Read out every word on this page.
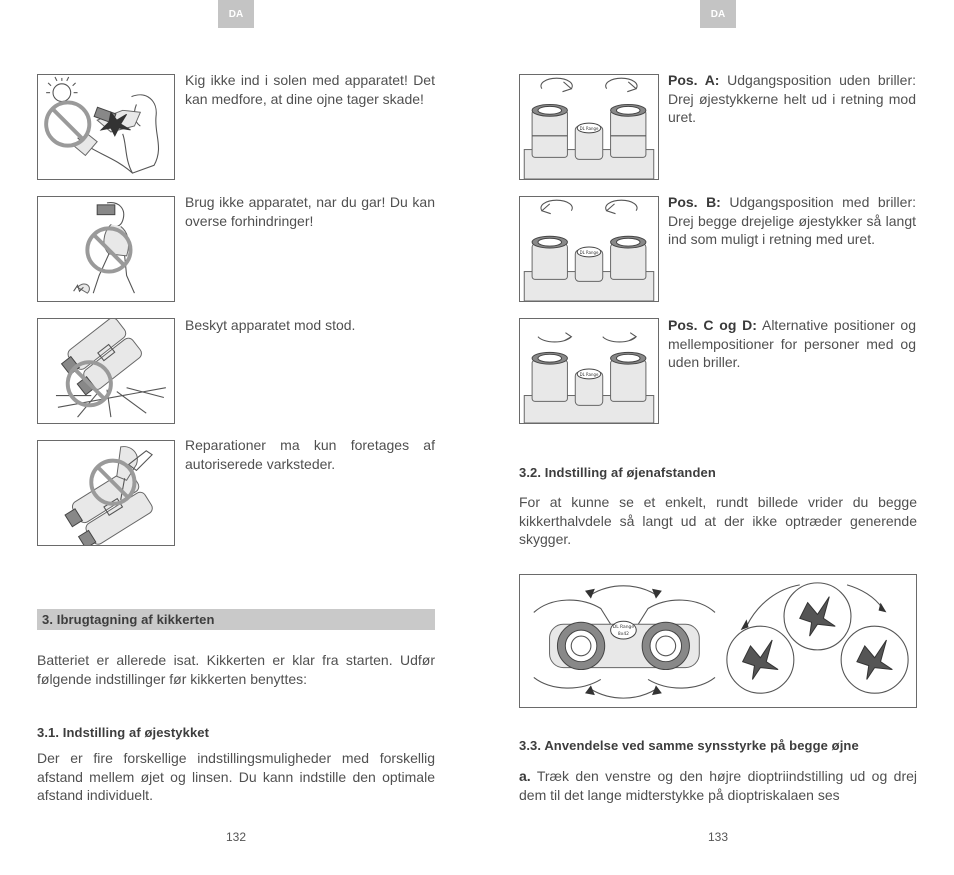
DA

Kig ikke ind i solen med apparatet! Det kan medfore, at dine ojne tager skade!

Brug ikke apparatet, nar du gar! Du kan overse forhindringer!

Beskyt apparatet mod stod.

Reparationer ma kun foretages af autoriserede varksteder.

3. Ibrugtagning af kikkerten

Batteriet er allerede isat. Kikkerten er klar fra starten. Udfør følgende indstillinger før kikkerten benyttes:

3.1. Indstilling af øjestykket

Der er fire forskellige indstillingsmuligheder med forskellig afstand mellem øjet og linsen. Du kann indstille den optimale afstand individuelt.

132
DA
DL Range

Pos. A: Udgangsposition uden briller: Drej øjestykkerne helt ud i retning mod uret.

DL Range

Pos. B: Udgangsposition med briller: Drej begge drejelige øjestykker så langt ind som muligt i retning med uret.

DL Range

Pos. C og D: Alternative positioner og mellempositioner for personer med og uden briller.

3.2. Indstilling af øjenafstanden

For at kunne se et enkelt, rundt billede vrider du begge kikkerthalvdele så langt ud at der ikke optræder generende skygger.

DL Range
8x42

3.3. Anvendelse ved samme synsstyrke på begge øjne

a. Træk den venstre og den højre dioptriindstilling ud og drej dem til det lange midterstykke på dioptriskalaen ses

133
